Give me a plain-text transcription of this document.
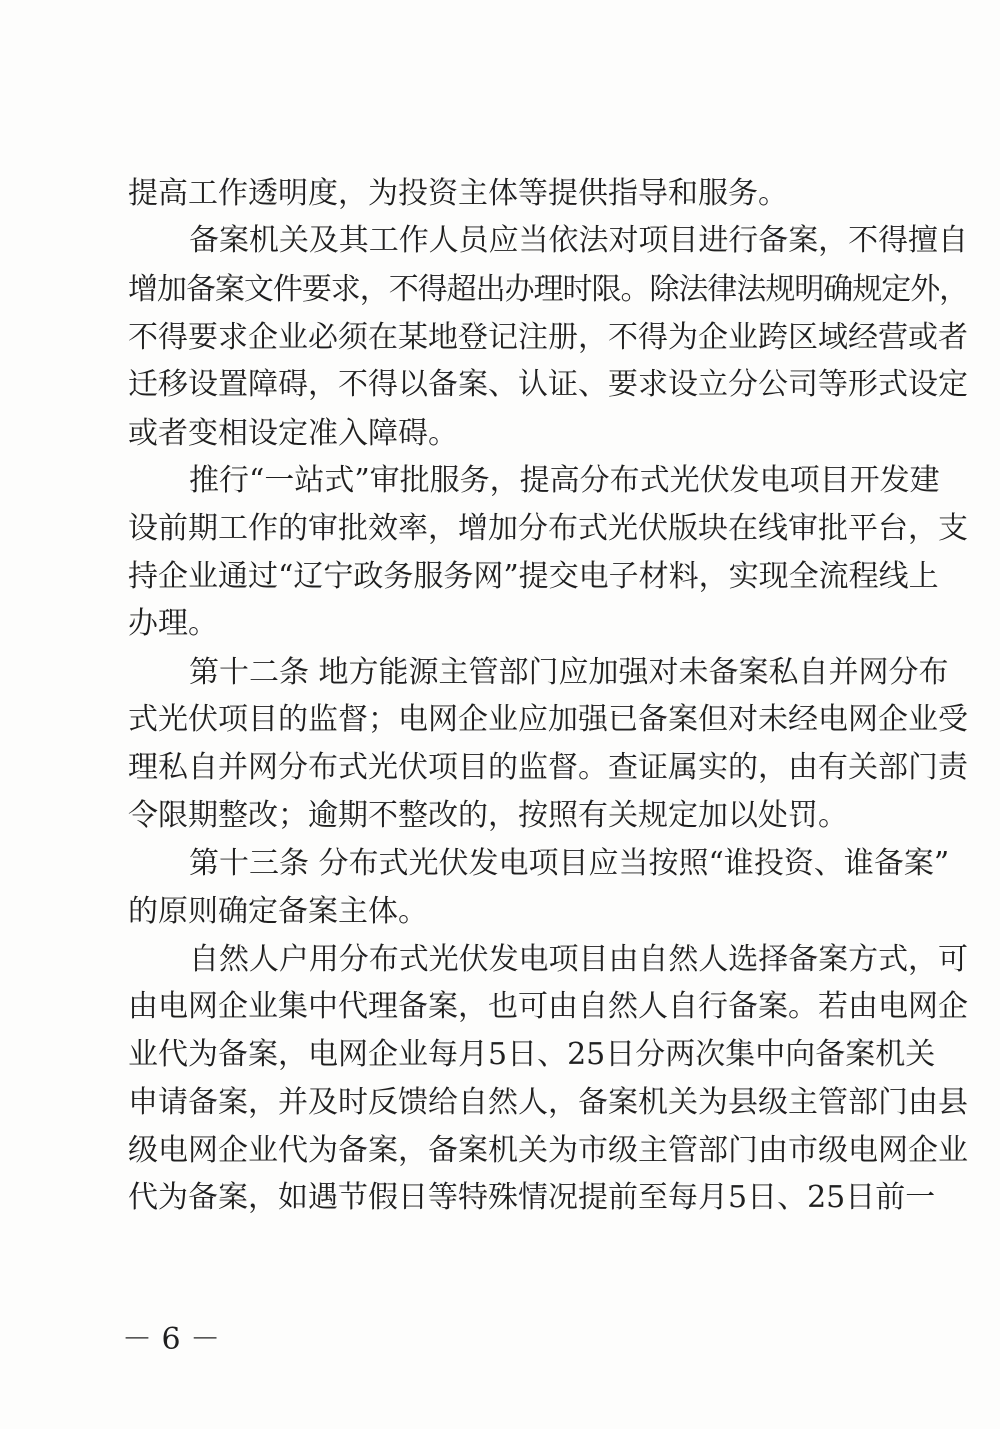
提高工作透明度，为投资主体等提供指导和服务。
备案机关及其工作人员应当依法对项目进行备案，不得擅自
增加备案文件要求，不得超出办理时限。除法律法规明确规定外，
不得要求企业必须在某地登记注册，不得为企业跨区域经营或者
迁移设置障碍，不得以备案、认证、要求设立分公司等形式设定
或者变相设定准入障碍。
推行“一站式”审批服务，提高分布式光伏发电项目开发建
设前期工作的审批效率，增加分布式光伏版块在线审批平台，支
持企业通过“辽宁政务服务网”提交电子材料，实现全流程线上
办理。
第十二条 地方能源主管部门应加强对未备案私自并网分布
式光伏项目的监督；电网企业应加强已备案但对未经电网企业受
理私自并网分布式光伏项目的监督。查证属实的，由有关部门责
令限期整改；逾期不整改的，按照有关规定加以处罚。
第十三条 分布式光伏发电项目应当按照“谁投资、谁备案”
的原则确定备案主体。
自然人户用分布式光伏发电项目由自然人选择备案方式，可
由电网企业集中代理备案，也可由自然人自行备案。若由电网企
业代为备案，电网企业每月5日、25日分两次集中向备案机关
申请备案，并及时反馈给自然人，备案机关为县级主管部门由县
级电网企业代为备案，备案机关为市级主管部门由市级电网企业
代为备案，如遇节假日等特殊情况提前至每月5日、25日前一
－ 6 －
